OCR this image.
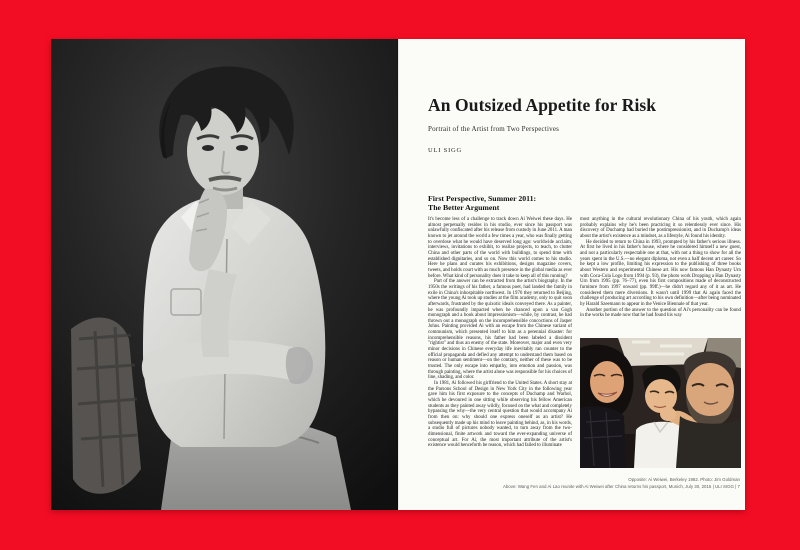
An Outsized Appetite for Risk

Portrait of the Artist from Two Perspectives

ULI SIGG

First Perspective, Summer 2011:
The Better Argument

It's become less of a challenge to track down Ai Weiwei these days. He almost perpetually resides in his studio, ever since his passport was unlawfully confiscated after his release from custody in June 2011. A man known to jet around the world a few times a year, who was finally getting to overdose what he would have deserved long ago: worldwide acclaim, interviews, invitations to exhibit, to realize projects, to teach, to clutter China and other parts of the world with buildings, to spend time with established dignitaries, and so on. Now this world comes to his studio. Here he plans and curates his exhibitions, designs magazine covers, tweets, and holds court with as much presence in the global media as ever before. What kind of personality does it take to keep all of this running?

Part of the answer can be extracted from the artist's biography. In the 1950s the writings of his father, a famous poet, had landed the family in exile in China's inhospitable northwest. In 1976 they returned to Beijing, where the young Ai took up studies at the film academy, only to quit soon afterwards, frustrated by the quixotic ideals conveyed there. As a painter, he was profoundly impacted when he chanced upon a van Gogh monograph and a book about impressionism—while, by contrast, he had thrown out a monograph on the incomprehensible concoctions of Jasper Johns. Painting provided Ai with an escape from the Chinese variant of communism, which presented itself to him as a perennial disaster: for incomprehensible reasons, his father had been labeled a dissident "rightist" and thus an enemy of the state. Moreover, major and even very minor decisions in Chinese everyday life inevitably ran counter to the official propaganda and defied any attempt to understand them based on reason or human sentiment—on the contrary, neither of these was to be trusted. The only escape into empathy, into emotion and passion, was through painting, where the artist alone was responsible for his choices of line, shading, and color.

In 1981, Ai followed his girlfriend to the United States. A short stay at the Parsons School of Design in New York City in the following year gave him his first exposure to the concepts of Duchamp and Warhol, which he devoured in one sitting while observing his fellow American students as they painted away wildly, focused on the what and completely bypassing the why—the very central question that would accompany Ai from then on: why should one express oneself as an artist? He subsequently made up his mind to leave painting behind, as, in his words, a studio full of pictures nobody wanted, to turn away from the two-dimensional, finite artwork and toward the ever-expanding universe of conceptual art. For Ai, the most important attribute of the artist's existence would henceforth be reason, which had failed to illuminate

most anything in the cultural revolutionary China of his youth, which again probably explains why he's been practicing it so relentlessly ever since. His discovery of Duchamp had buried the postimpressionist, and in Duchamp's ideas about the artist's existence as a mindset, as a lifestyle, Ai found his identity.

He decided to return to China in 1993, prompted by his father's serious illness. At first he lived in his father's house, where he considered himself a new guest, and not a particularly respectable one at that, with not a thing to show for all the years spent in the U.S.—no elegant diploma, not even a half decent art career. So he kept a low profile, limiting his expression to the publishing of three books about Western and experimental Chinese art. His now famous Han Dynasty Urn with Coca-Cola Logo from 1994 (p. 93), the photo work Dropping a Han Dynasty Urn from 1995 (pp. 76–77), even his first compositions made of deconstructed furniture from 1997 onward (pp. 99ff.)—he didn't regard any of it as art. He considered them mere diversions. It wasn't until 1999 that Ai again faced the challenge of producing art according to his own definition—after being nominated by Harald Szeemann to appear in the Venice Biennale of that year.

Another portion of the answer to the question of Ai's personality can be found in the works he made now that he had found his way

Opposite: Ai Weiwei, Berkeley 1982. Photo: Jim Goldman
Above: Wang Fen and Ai Lao reunite with Ai Weiwei after China returns his passport, Munich, July 30, 2015 | ULI SIGG | 7
